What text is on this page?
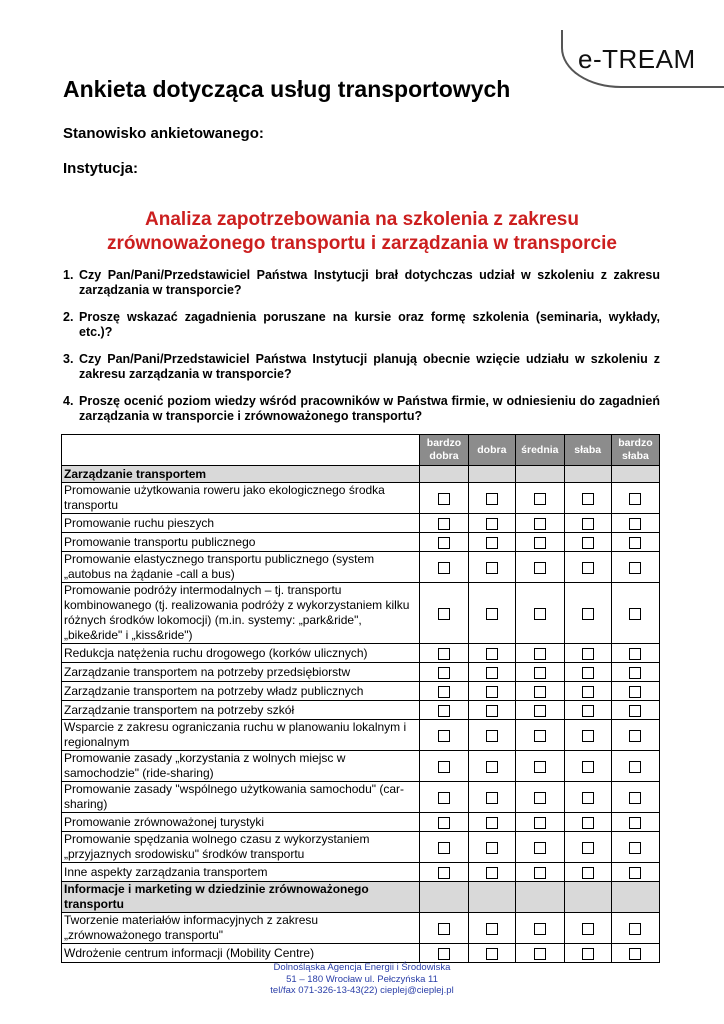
e-TREAM
Ankieta dotycząca usług transportowych
Stanowisko ankietowanego:
Instytucja:
Analiza zapotrzebowania na szkolenia z zakresu
zrównoważonego transportu i zarządzania w transporcie
1. Czy Pan/Pani/Przedstawiciel Państwa Instytucji brał dotychczas udział w szkoleniu z zakresu zarządzania w transporcie?
2. Proszę wskazać zagadnienia poruszane na kursie oraz formę szkolenia (seminaria, wykłady, etc.)?
3. Czy Pan/Pani/Przedstawiciel Państwa Instytucji planują obecnie wzięcie udziału w szkoleniu z zakresu zarządzania w transporcie?
4. Proszę ocenić poziom wiedzy wśród pracowników w Państwa firmie, w odniesieniu do zagadnień zarządzania w transporcie i zrównoważonego transportu?
	bardzo dobra	dobra	średnia	słaba	bardzo słaba
Zarządzanie transportem					
Promowanie użytkowania roweru jako ekologicznego środka transportu					
Promowanie ruchu pieszych					
Promowanie transportu publicznego					
Promowanie elastycznego transportu publicznego (system „autobus na żądanie -call a bus)					
Promowanie podróży intermodalnych – tj. transportu kombinowanego (tj. realizowania podróży z wykorzystaniem kilku różnych środków lokomocji) (m.in. systemy: „park&ride", „bike&ride" i „kiss&ride")					
Redukcja natężenia ruchu drogowego (korków ulicznych)					
Zarządzanie transportem na potrzeby przedsiębiorstw					
Zarządzanie transportem na potrzeby władz publicznych					
Zarządzanie transportem na potrzeby szkół					
Wsparcie z zakresu ograniczania ruchu w planowaniu lokalnym i regionalnym					
Promowanie zasady „korzystania z wolnych miejsc w samochodzie" (ride-sharing)					
Promowanie zasady "wspólnego użytkowania samochodu" (car-sharing)					
Promowanie zrównoważonej turystyki					
Promowanie spędzania wolnego czasu z wykorzystaniem „przyjaznych srodowisku" środków transportu					
Inne aspekty zarządzania transportem					
Informacje i marketing w dziedzinie zrównoważonego transportu					
Tworzenie materiałów informacyjnych z zakresu „zrównoważonego transportu"					
Wdrożenie centrum informacji (Mobility Centre)					
Dolnośląska Agencja Energii i Środowiska
51 – 180 Wrocław ul. Pełczyńska 11
tel/fax 071-326-13-43(22) cieplej@cieplej.pl
